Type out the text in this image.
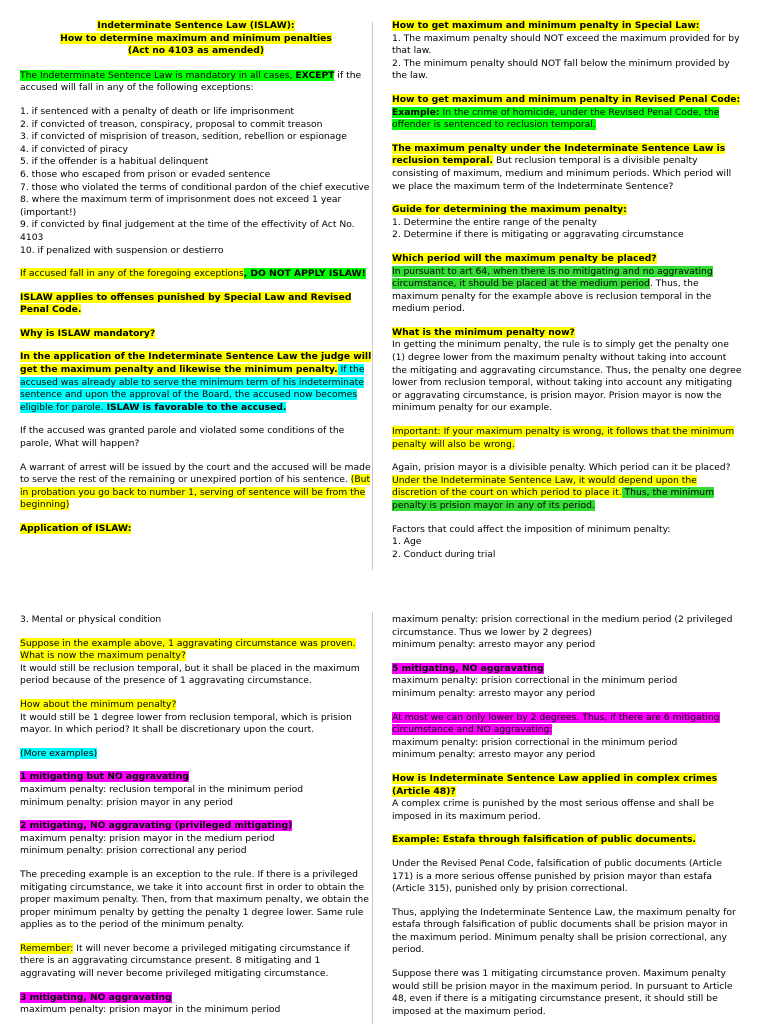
Indeterminate Sentence Law (ISLAW):
How to determine maximum and minimum penalties
(Act no 4103 as amended)

The Indeterminate Sentence Law is mandatory in all cases, EXCEPT if the accused will fall in any of the following exceptions:

1. if sentenced with a penalty of death or life imprisonment
2. if convicted of treason, conspiracy, proposal to commit treason
3. if convicted of misprision of treason, sedition, rebellion or espionage
4. if convicted of piracy
5. if the offender is a habitual delinquent
6. those who escaped from prison or evaded sentence
7. those who violated the terms of conditional pardon of the chief executive
8. where the maximum term of imprisonment does not exceed 1 year (important!)
9. if convicted by final judgement at the time of the effectivity of Act No. 4103
10. if penalized with suspension or destierro

If accused fall in any of the foregoing exceptions, DO NOT APPLY ISLAW!

ISLAW applies to offenses punished by Special Law and Revised Penal Code.

Why is ISLAW mandatory?

In the application of the Indeterminate Sentence Law the judge will get the maximum penalty and likewise the minimum penalty. If the accused was already able to serve the minimum term of his indeterminate sentence and upon the approval of the Board, the accused now becomes eligible for parole. ISLAW is favorable to the accused.

If the accused was granted parole and violated some conditions of the parole, What will happen?

A warrant of arrest will be issued by the court and the accused will be made to serve the rest of the remaining or unexpired portion of his sentence. (But in probation you go back to number 1, serving of sentence will be from the beginning)

Application of ISLAW:

How to get maximum and minimum penalty in Special Law:
1. The maximum penalty should NOT exceed the maximum provided for by that law.
2. The minimum penalty should NOT fall below the minimum provided by the law.

How to get maximum and minimum penalty in Revised Penal Code:
Example: In the crime of homicide, under the Revised Penal Code, the offender is sentenced to reclusion temporal.

The maximum penalty under the Indeterminate Sentence Law is reclusion temporal. But reclusion temporal is a divisible penalty consisting of maximum, medium and minimum periods. Which period will we place the maximum term of the Indeterminate Sentence?

Guide for determining the maximum penalty:
1. Determine the entire range of the penalty
2. Determine if there is mitigating or aggravating circumstance

Which period will the maximum penalty be placed?
In pursuant to art 64, when there is no mitigating and no aggravating circumstance, it should be placed at the medium period. Thus, the maximum penalty for the example above is reclusion temporal in the medium period.

What is the minimum penalty now?
In getting the minimum penalty, the rule is to simply get the penalty one (1) degree lower from the maximum penalty without taking into account the mitigating and aggravating circumstance. Thus, the penalty one degree lower from reclusion temporal, without taking into account any mitigating or aggravating circumstance, is prision mayor. Prision mayor is now the minimum penalty for our example.

Important: If your maximum penalty is wrong, it follows that the minimum penalty will also be wrong.

Again, prision mayor is a divisible penalty. Which period can it be placed? Under the Indeterminate Sentence Law, it would depend upon the discretion of the court on which period to place it. Thus, the minimum penalty is prision mayor in any of its period.

Factors that could affect the imposition of minimum penalty:
1. Age
2. Conduct during trial

3. Mental or physical condition

Suppose in the example above, 1 aggravating circumstance was proven. What is now the maximum penalty?
It would still be reclusion temporal, but it shall be placed in the maximum period because of the presence of 1 aggravating circumstance.

How about the minimum penalty?
It would still be 1 degree lower from reclusion temporal, which is prision mayor. In which period? It shall be discretionary upon the court.

(More examples)

1 mitigating but NO aggravating
maximum penalty: reclusion temporal in the minimum period
minimum penalty: prision mayor in any period

2 mitigating, NO aggravating (privileged mitigating)
maximum penalty: prision mayor in the medium period
minimum penalty: prision correctional any period

The preceding example is an exception to the rule. If there is a privileged mitigating circumstance, we take it into account first in order to obtain the proper maximum penalty. Then, from that maximum penalty, we obtain the proper minimum penalty by getting the penalty 1 degree lower. Same rule applies as to the period of the minimum penalty.

Remember: It will never become a privileged mitigating circumstance if there is an aggravating circumstance present. 8 mitigating and 1 aggravating will never become privileged mitigating circumstance.

3 mitigating, NO aggravating
maximum penalty: prision mayor in the minimum period

maximum penalty: prision correctional in the medium period (2 privileged circumstance. Thus we lower by 2 degrees)
minimum penalty: arresto mayor any period

5 mitigating, NO aggravating
maximum penalty: prision correctional in the minimum period
minimum penalty: arresto mayor any period

At most we can only lower by 2 degrees. Thus, if there are 6 mitigating circumstance and NO aggravating:
maximum penalty: prision correctional in the minimum period
minimum penalty: arresto mayor any period

How is Indeterminate Sentence Law applied in complex crimes (Article 48)?
A complex crime is punished by the most serious offense and shall be imposed in its maximum period.

Example: Estafa through falsification of public documents.

Under the Revised Penal Code, falsification of public documents (Article 171) is a more serious offense punished by prision mayor than estafa (Article 315), punished only by prision correctional.

Thus, applying the Indeterminate Sentence Law, the maximum penalty for estafa through falsification of public documents shall be prision mayor in the maximum period. Minimum penalty shall be prision correctional, any period.

Suppose there was 1 mitigating circumstance proven. Maximum penalty would still be prision mayor in the maximum period. In pursuant to Article 48, even if there is a mitigating circumstance present, it should still be imposed at the maximum period.
